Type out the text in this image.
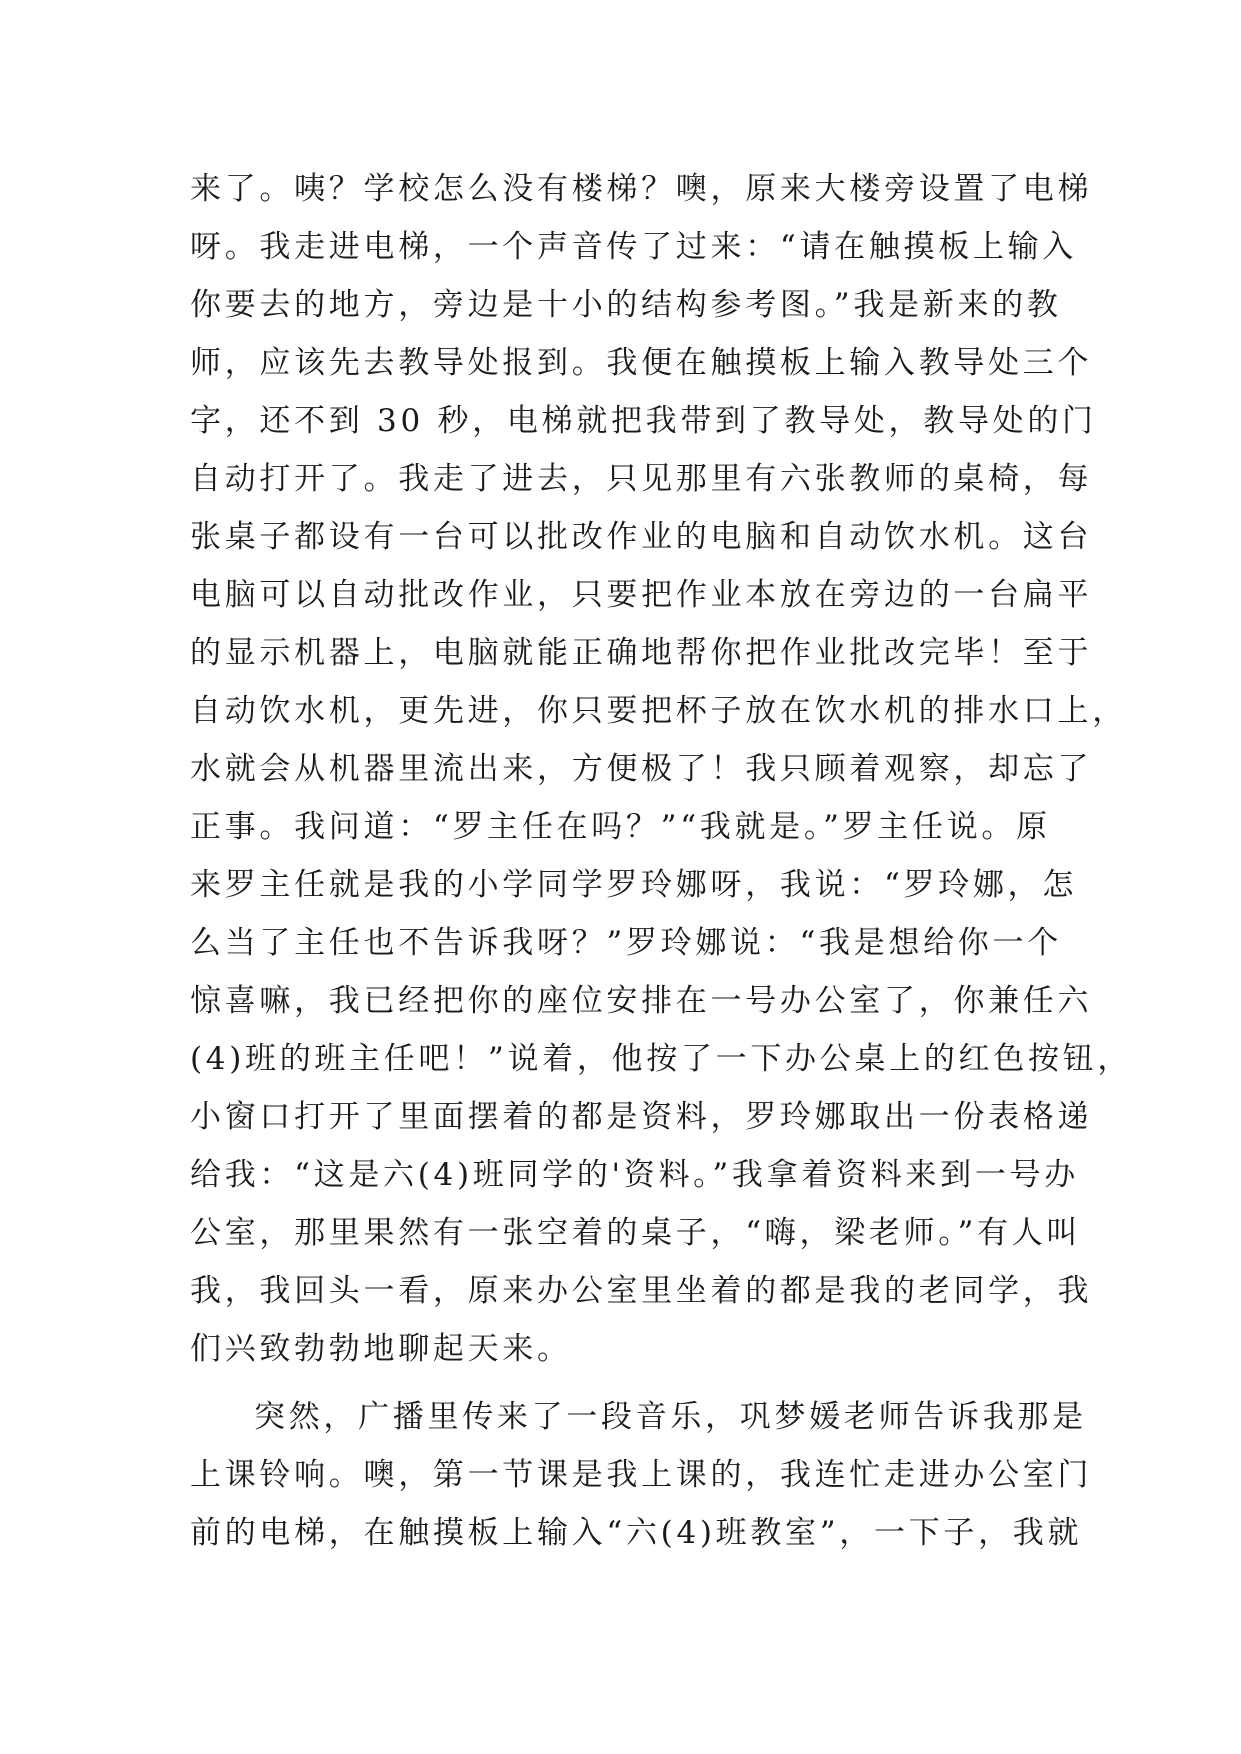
来了。咦？学校怎么没有楼梯？噢，原来大楼旁设置了电梯
呀。我走进电梯，一个声音传了过来：“请在触摸板上输入
你要去的地方，旁边是十小的结构参考图。”我是新来的教
师，应该先去教导处报到。我便在触摸板上输入教导处三个
字，还不到 30 秒，电梯就把我带到了教导处，教导处的门
自动打开了。我走了进去，只见那里有六张教师的桌椅，每
张桌子都设有一台可以批改作业的电脑和自动饮水机。这台
电脑可以自动批改作业，只要把作业本放在旁边的一台扁平
的显示机器上，电脑就能正确地帮你把作业批改完毕！至于
自动饮水机，更先进，你只要把杯子放在饮水机的排水口上，
水就会从机器里流出来，方便极了！我只顾着观察，却忘了
正事。我问道：“罗主任在吗？”“我就是。”罗主任说。原
来罗主任就是我的小学同学罗玲娜呀，我说：“罗玲娜，怎
么当了主任也不告诉我呀？”罗玲娜说：“我是想给你一个
惊喜嘛，我已经把你的座位安排在一号办公室了，你兼任六
(4)班的班主任吧！”说着，他按了一下办公桌上的红色按钮，
小窗口打开了里面摆着的都是资料，罗玲娜取出一份表格递
给我：“这是六(4)班同学的'资料。”我拿着资料来到一号办
公室，那里果然有一张空着的桌子，“嗨，梁老师。”有人叫
我，我回头一看，原来办公室里坐着的都是我的老同学，我
们兴致勃勃地聊起天来。
突然，广播里传来了一段音乐，巩梦媛老师告诉我那是
上课铃响。噢，第一节课是我上课的，我连忙走进办公室门
前的电梯，在触摸板上输入“六(4)班教室”，一下子，我就
